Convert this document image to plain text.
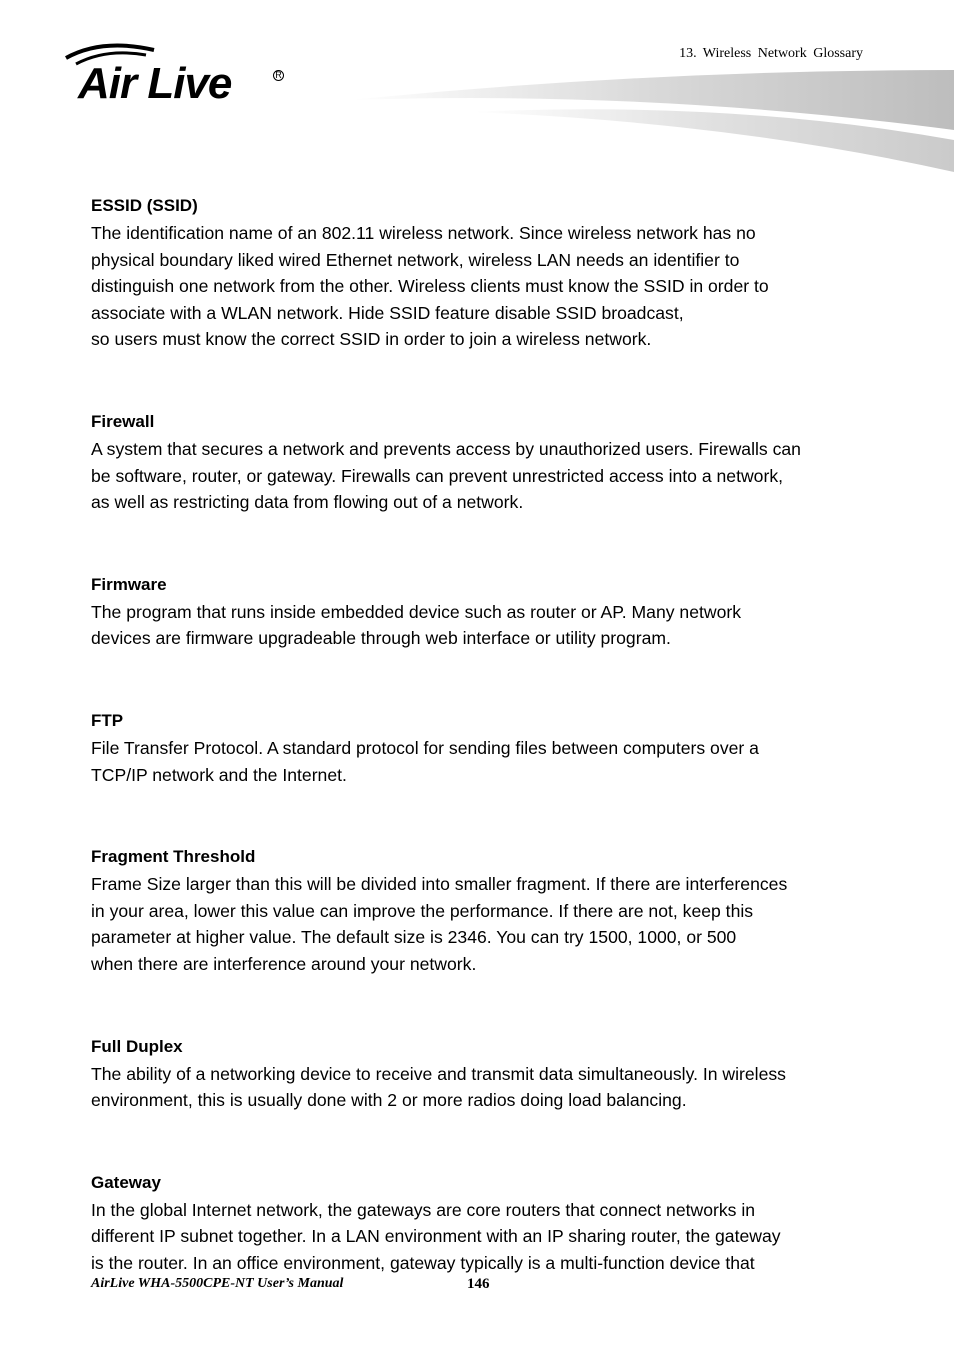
Air Live	R
13. Wireless Network Glossary
ESSID (SSID)

The identification name of an 802.11 wireless network. Since wireless network has no
physical boundary liked wired Ethernet network, wireless LAN needs an identifier to
distinguish one network from the other. Wireless clients must know the SSID in order to
associate with a WLAN network. Hide SSID feature disable SSID broadcast,
so users must know the correct SSID in order to join a wireless network.

Firewall

A system that secures a network and prevents access by unauthorized users. Firewalls can
be software, router, or gateway. Firewalls can prevent unrestricted access into a network,
as well as restricting data from flowing out of a network.

Firmware

The program that runs inside embedded device such as router or AP. Many network
devices are firmware upgradeable through web interface or utility program.

FTP

File Transfer Protocol. A standard protocol for sending files between computers over a
TCP/IP network and the Internet.

Fragment Threshold

Frame Size larger than this will be divided into smaller fragment. If there are interferences
in your area, lower this value can improve the performance. If there are not, keep this
parameter at higher value. The default size is 2346. You can try 1500, 1000, or 500
when there are interference around your network.

Full Duplex

The ability of a networking device to receive and transmit data simultaneously. In wireless
environment, this is usually done with 2 or more radios doing load balancing.

Gateway

In the global Internet network, the gateways are core routers that connect networks in
different IP subnet together. In a LAN environment with an IP sharing router, the gateway
is the router. In an office environment, gateway typically is a multi-function device that

AirLive WHA-5500CPE-NT User’s Manual	146
